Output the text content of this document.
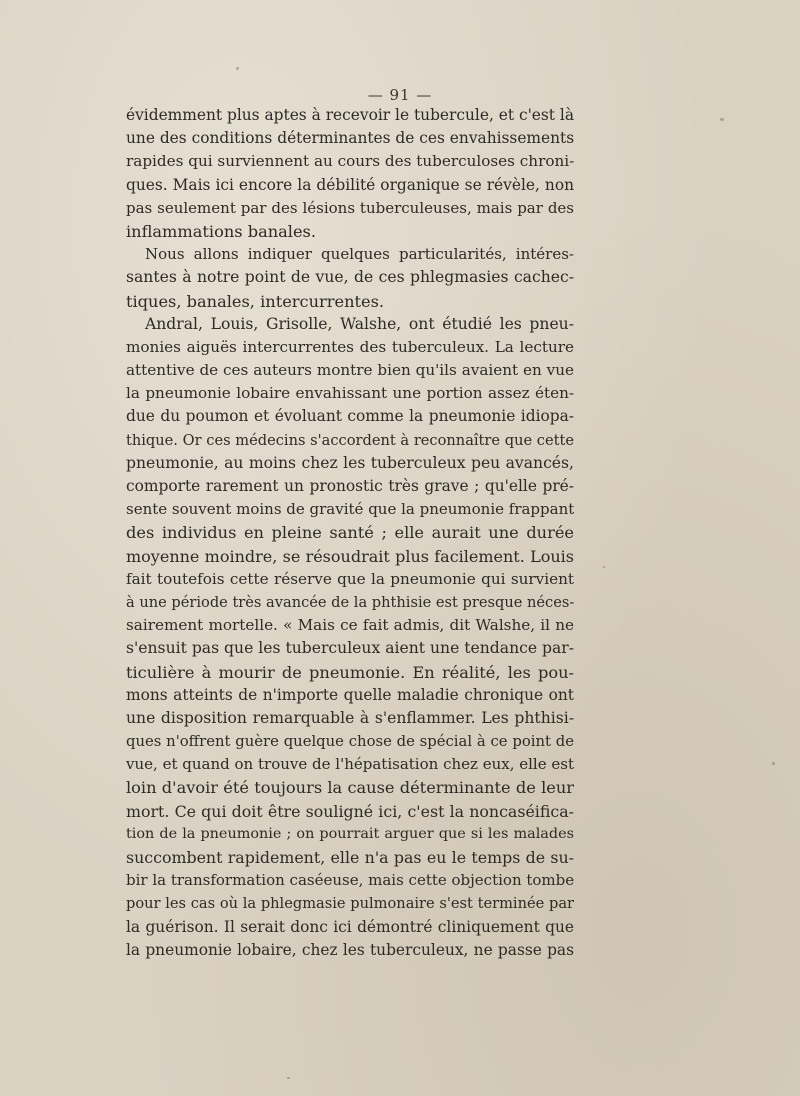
— 91 —
évidemment plus aptes à recevoir le tubercule, et c'est là
une des conditions déterminantes de ces envahissements
rapides qui surviennent au cours des tuberculoses chroni-
ques. Mais ici encore la débilité organique se révèle, non
pas seulement par des lésions tuberculeuses, mais par des
inflammations banales.
Nous allons indiquer quelques particularités, intéres-
santes à notre point de vue, de ces phlegmasies cachec-
tiques, banales, intercurrentes.
Andral, Louis, Grisolle, Walshe, ont étudié les pneu-
monies aiguës intercurrentes des tuberculeux. La lecture
attentive de ces auteurs montre bien qu'ils avaient en vue
la pneumonie lobaire envahissant une portion assez éten-
due du poumon et évoluant comme la pneumonie idiopa-
thique. Or ces médecins s'accordent à reconnaître que cette
pneumonie, au moins chez les tuberculeux peu avancés,
comporte rarement un pronostic très grave ; qu'elle pré-
sente souvent moins de gravité que la pneumonie frappant
des individus en pleine santé ; elle aurait une durée
moyenne moindre, se résoudrait plus facilement. Louis
fait toutefois cette réserve que la pneumonie qui survient
à une période très avancée de la phthisie est presque néces-
sairement mortelle. « Mais ce fait admis, dit Walshe, il ne
s'ensuit pas que les tuberculeux aient une tendance par-
ticulière à mourir de pneumonie. En réalité, les pou-
mons atteints de n'importe quelle maladie chronique ont
une disposition remarquable à s'enflammer. Les phthisi-
ques n'offrent guère quelque chose de spécial à ce point de
vue, et quand on trouve de l'hépatisation chez eux, elle est
loin d'avoir été toujours la cause déterminante de leur
mort. Ce qui doit être souligné ici, c'est la noncaséifica-
tion de la pneumonie ; on pourrait arguer que si les malades
succombent rapidement, elle n'a pas eu le temps de su-
bir la transformation caséeuse, mais cette objection tombe
pour les cas où la phlegmasie pulmonaire s'est terminée par
la guérison. Il serait donc ici démontré cliniquement que
la pneumonie lobaire, chez les tuberculeux, ne passe pas
